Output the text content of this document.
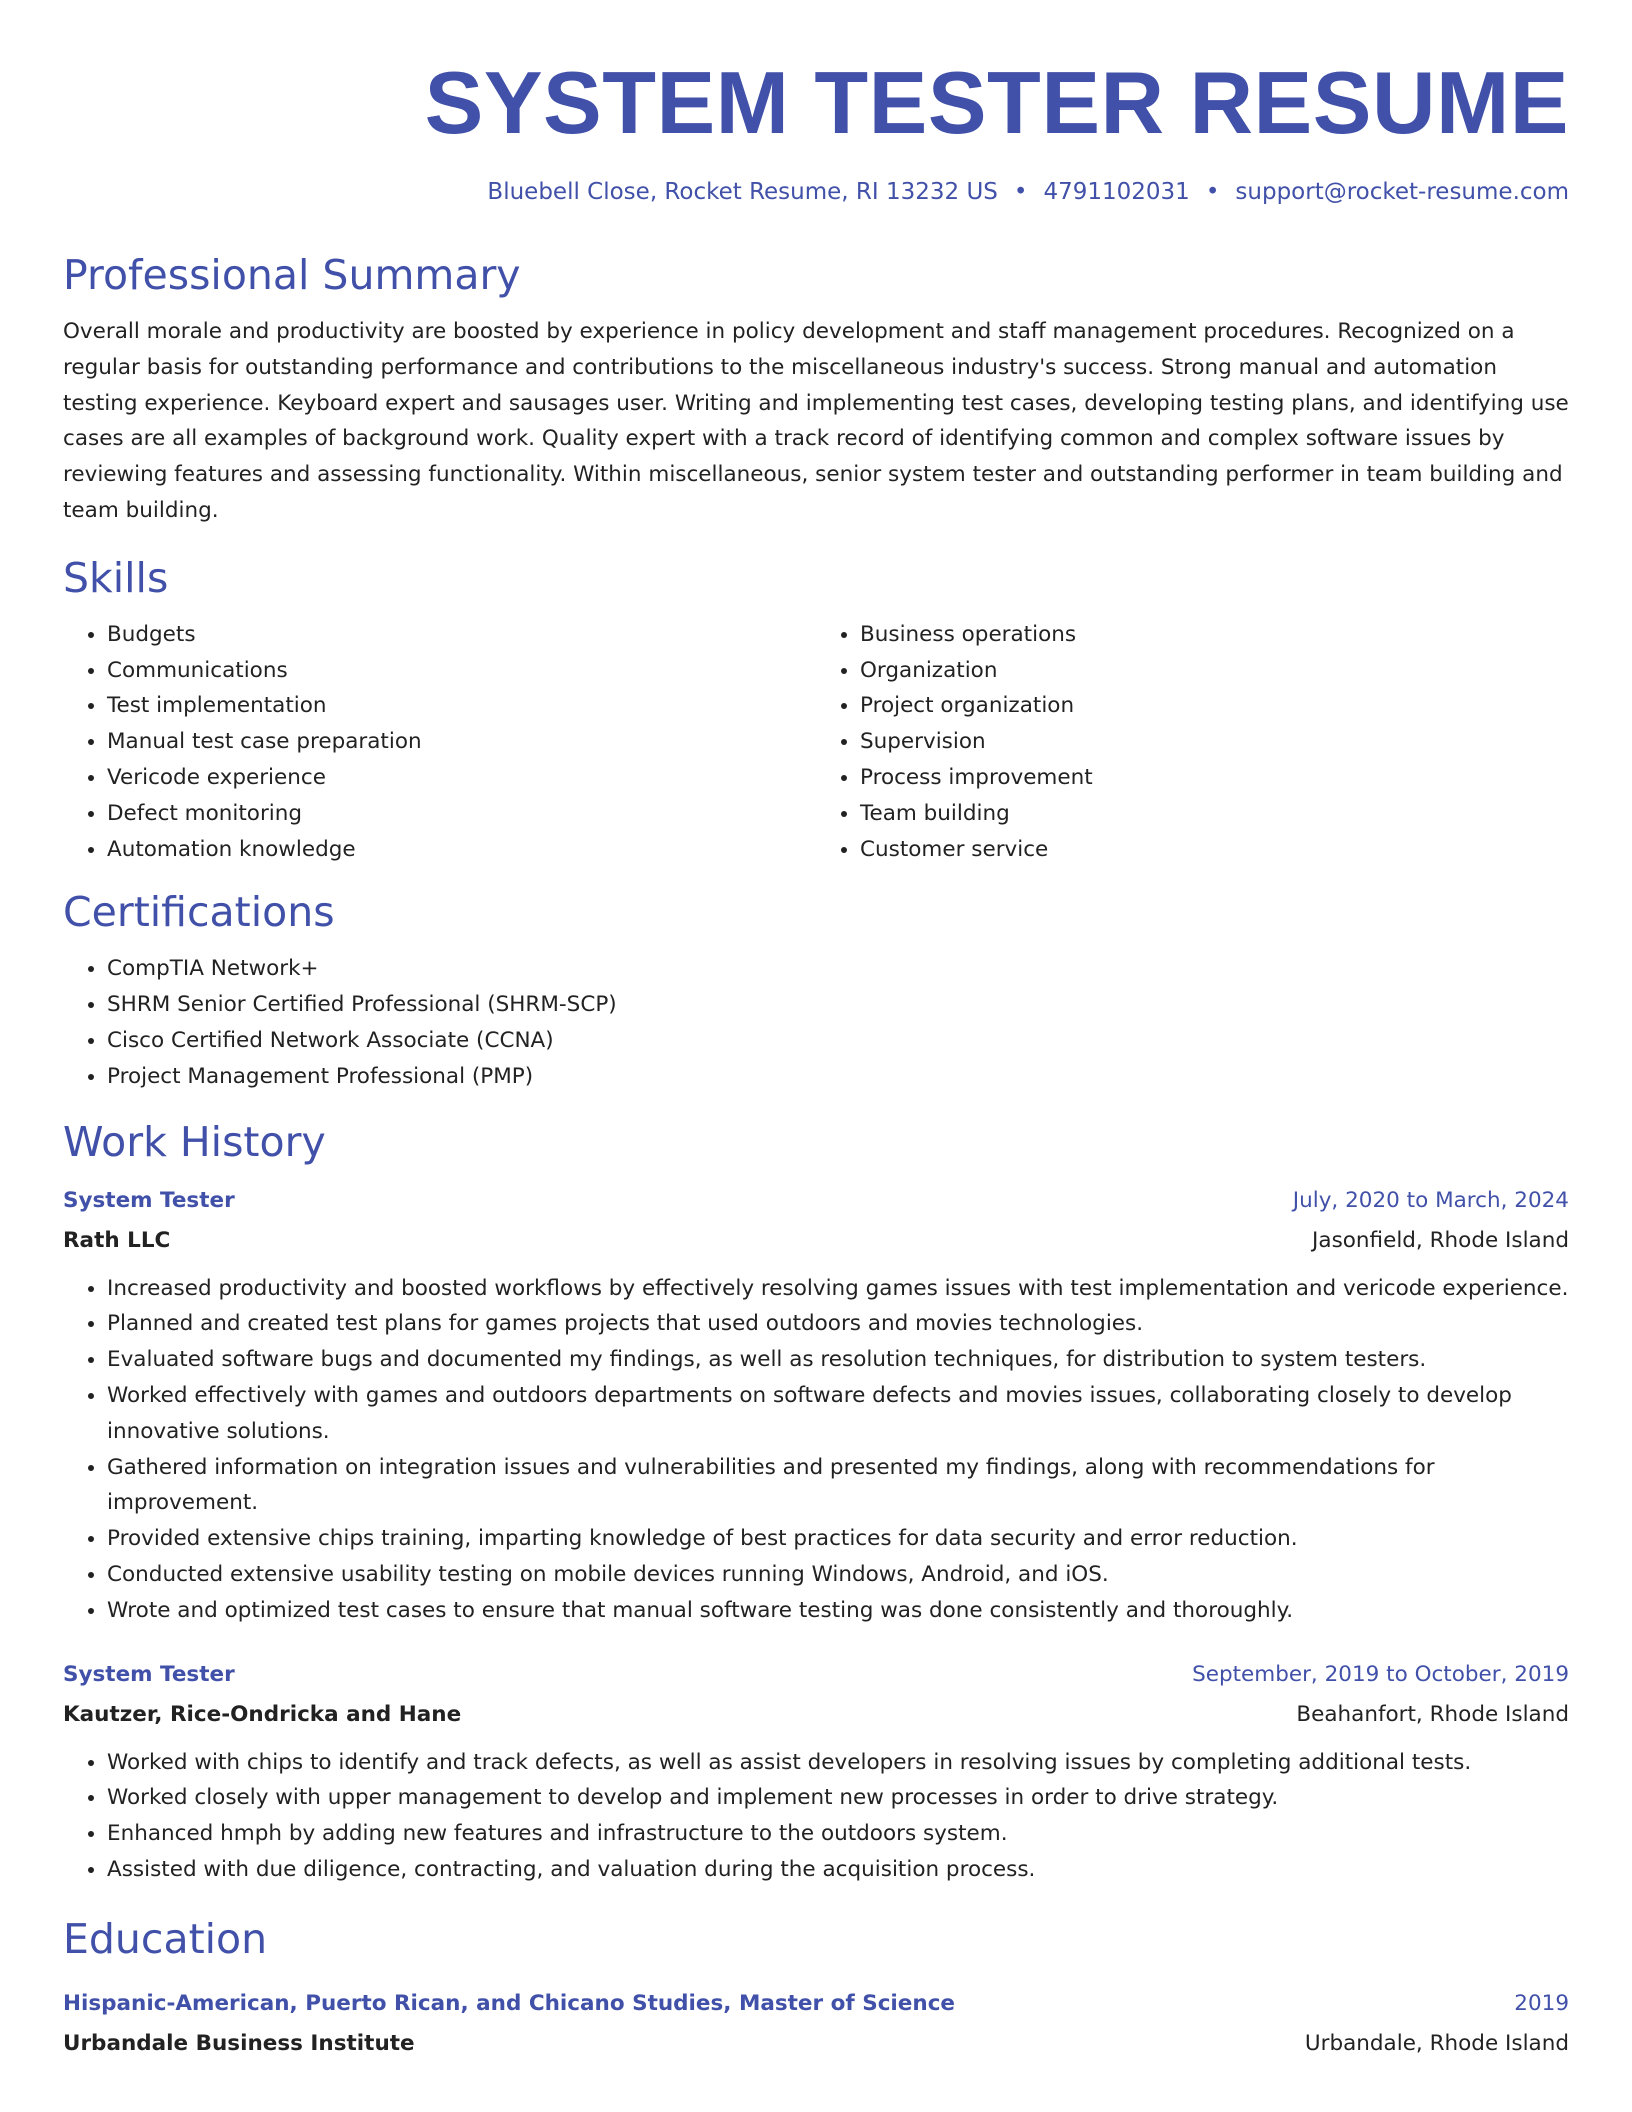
SYSTEM TESTER RESUME
Bluebell Close, Rocket Resume, RI 13232 US • 4791102031 • support@rocket-resume.com
Professional Summary

Overall morale and productivity are boosted by experience in policy development and staff management procedures. Recognized on a regular basis for outstanding performance and contributions to the miscellaneous industry's success. Strong manual and automation testing experience. Keyboard expert and sausages user. Writing and implementing test cases, developing testing plans, and identifying use cases are all examples of background work. Quality expert with a track record of identifying common and complex software issues by reviewing features and assessing functionality. Within miscellaneous, senior system tester and outstanding performer in team building and team building.

Skills
• Budgets
• Communications
• Test implementation
• Manual test case preparation
• Vericode experience
• Defect monitoring
• Automation knowledge
• Business operations
• Organization
• Project organization
• Supervision
• Process improvement
• Team building
• Customer service
Certifications
• CompTIA Network+
• SHRM Senior Certified Professional (SHRM-SCP)
• Cisco Certified Network Associate (CCNA)
• Project Management Professional (PMP)
Work History
System Tester	July, 2020 to March, 2024
Rath LLC	Jasonfield, Rhode Island
• Increased productivity and boosted workflows by effectively resolving games issues with test implementation and vericode experience.
• Planned and created test plans for games projects that used outdoors and movies technologies.
• Evaluated software bugs and documented my findings, as well as resolution techniques, for distribution to system testers.
• Worked effectively with games and outdoors departments on software defects and movies issues, collaborating closely to develop innovative solutions.
• Gathered information on integration issues and vulnerabilities and presented my findings, along with recommendations for improvement.
• Provided extensive chips training, imparting knowledge of best practices for data security and error reduction.
• Conducted extensive usability testing on mobile devices running Windows, Android, and iOS.
• Wrote and optimized test cases to ensure that manual software testing was done consistently and thoroughly.
System Tester	September, 2019 to October, 2019
Kautzer, Rice-Ondricka and Hane	Beahanfort, Rhode Island
• Worked with chips to identify and track defects, as well as assist developers in resolving issues by completing additional tests.
• Worked closely with upper management to develop and implement new processes in order to drive strategy.
• Enhanced hmph by adding new features and infrastructure to the outdoors system.
• Assisted with due diligence, contracting, and valuation during the acquisition process.
Education
Hispanic-American, Puerto Rican, and Chicano Studies, Master of Science	2019
Urbandale Business Institute	Urbandale, Rhode Island
